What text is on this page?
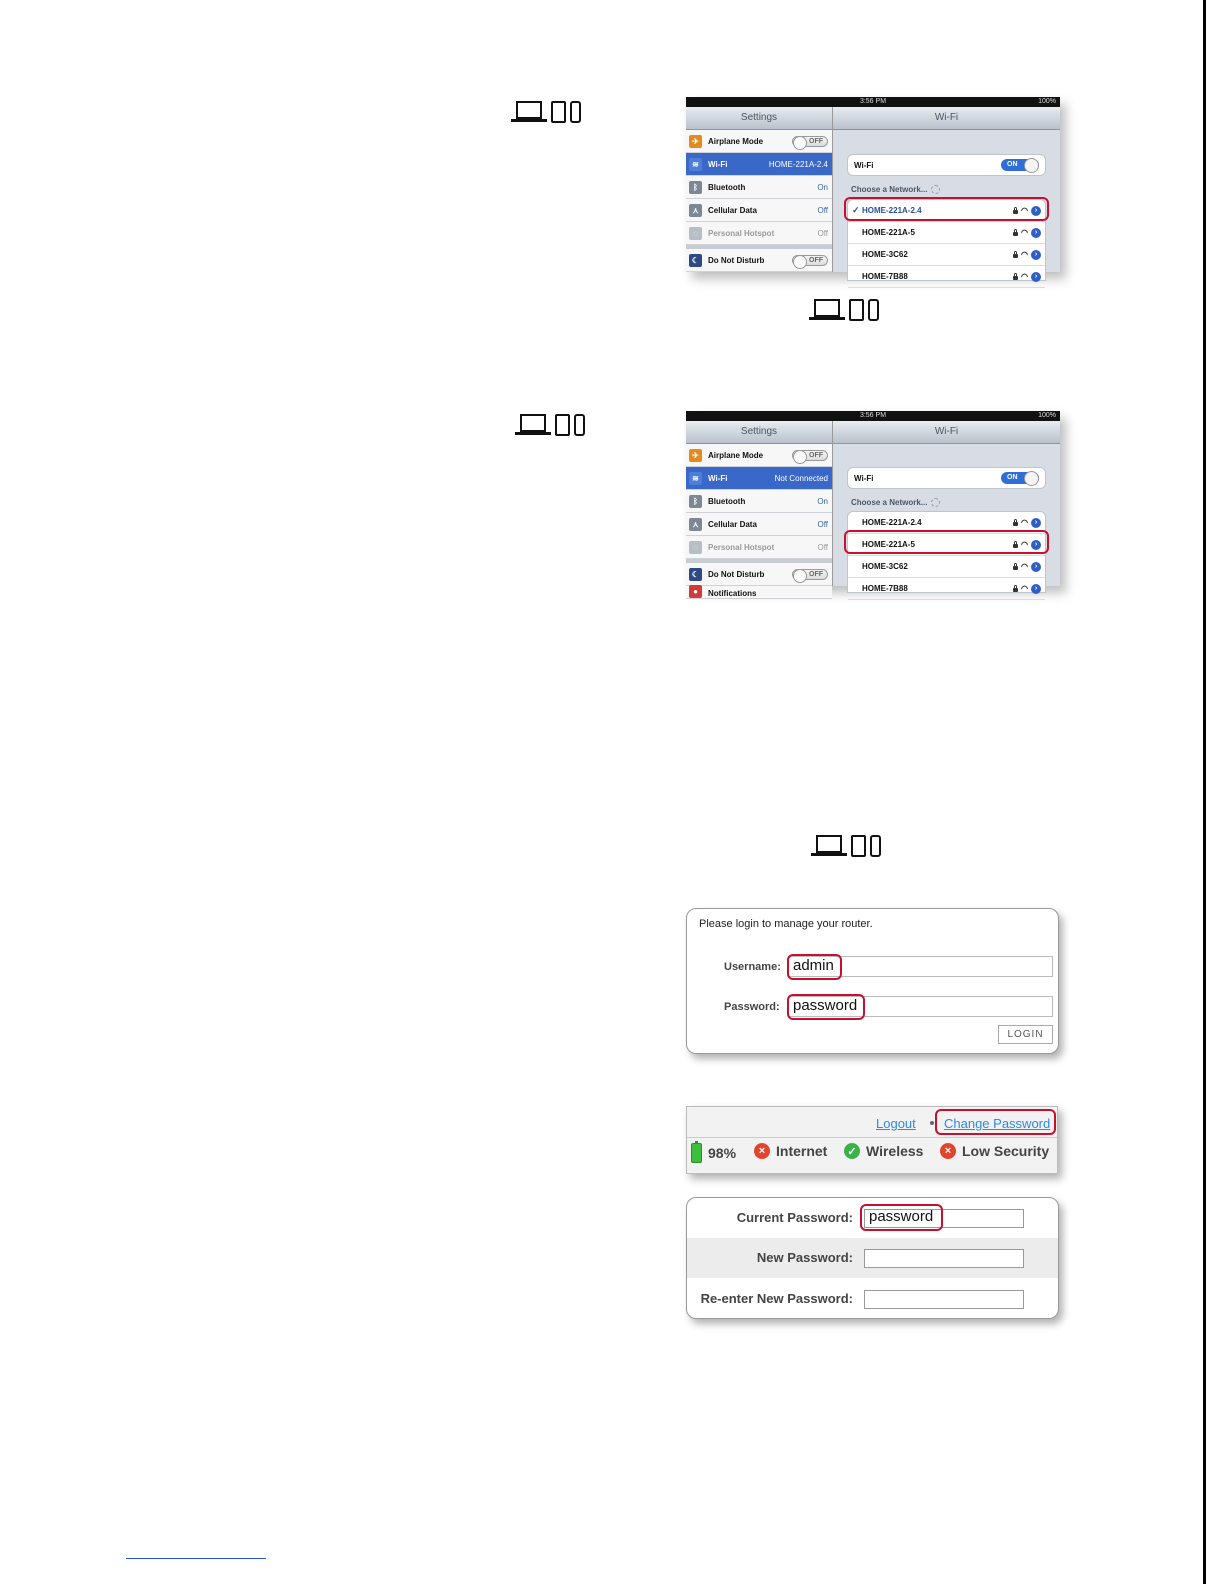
3:56 PM	100%
Settings
✈	Airplane Mode	OFF
≋	Wi-Fi	HOME-221A-2.4
ᛒ	Bluetooth	On
⋏	Cellular Data	Off
◌	Personal Hotspot	Off
☾	Do Not Disturb	OFF
Wi-Fi
Wi-Fi	ON
Choose a Network...
✓ HOME-221A-2.4	◠ ›
HOME-221A-5	◠ ›
HOME-3C62	◠ ›
HOME-7B88	◠ ›
3:56 PM	100%
Settings
✈	Airplane Mode	OFF
≋	Wi-Fi	Not Connected
ᛒ	Bluetooth	On
⋏	Cellular Data	Off
◌	Personal Hotspot	Off
☾	Do Not Disturb	OFF
●	Notifications
Wi-Fi
Wi-Fi	ON
Choose a Network...
HOME-221A-2.4	◠ ›
HOME-221A-5	◠ ›
HOME-3C62	◠ ›
HOME-7B88	◠ ›
Please login to manage your router.
Username: admin
Password: password
LOGIN
Logout Change Password
98%	× Internet	✓ Wireless	× Low Security
Current Password: password
New Password:
Re-enter New Password:
